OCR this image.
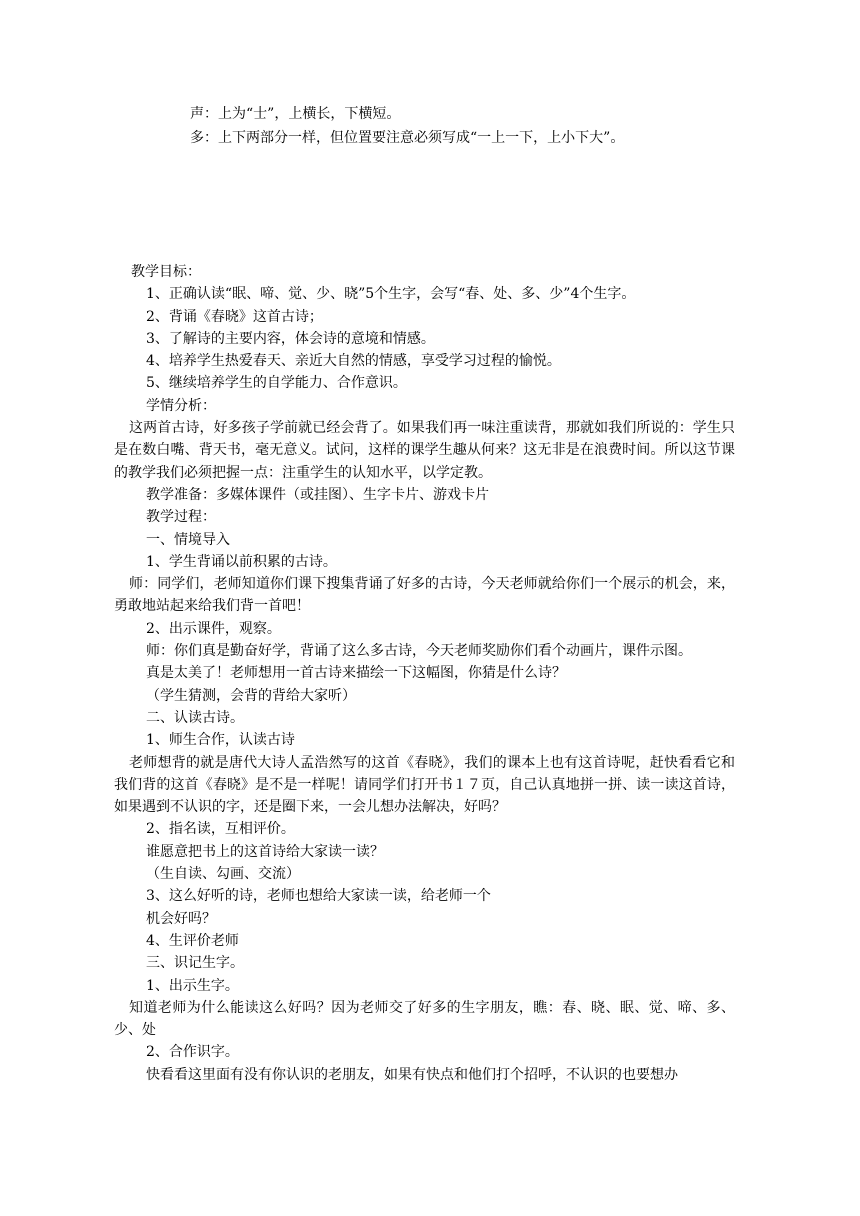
声：上为“士”，上横长，下横短。
多：上下两部分一样，但位置要注意必须写成“一上一下，上小下大”。

教学目标：

1、正确认读“眠、啼、觉、少、晓”5个生字，会写“春、处、多、少”4个生字。

2、背诵《春晓》这首古诗；

3、了解诗的主要内容，体会诗的意境和情感。

4、培养学生热爱春天、亲近大自然的情感，享受学习过程的愉悦。

5、继续培养学生的自学能力、合作意识。

学情分析：

这两首古诗，好多孩子学前就已经会背了。如果我们再一味注重读背，那就如我们所说的：学生只是在数白嘴、背天书，毫无意义。试问，这样的课学生趣从何来？这无非是在浪费时间。所以这节课的教学我们必须把握一点：注重学生的认知水平，以学定教。

教学准备：多媒体课件（或挂图）、生字卡片、游戏卡片

教学过程：

一、情境导入

1、学生背诵以前积累的古诗。

师：同学们，老师知道你们课下搜集背诵了好多的古诗，今天老师就给你们一个展示的机会，来，勇敢地站起来给我们背一首吧！

2、出示课件，观察。

师：你们真是勤奋好学，背诵了这么多古诗，今天老师奖励你们看个动画片，课件示图。

真是太美了！老师想用一首古诗来描绘一下这幅图，你猜是什么诗？

（学生猜测，会背的背给大家听）

二、认读古诗。

1、师生合作，认读古诗

老师想背的就是唐代大诗人孟浩然写的这首《春晓》，我们的课本上也有这首诗呢，赶快看看它和我们背的这首《春晓》是不是一样呢！请同学们打开书１７页，自己认真地拼一拼、读一读这首诗，如果遇到不认识的字，还是圈下来，一会儿想办法解决，好吗？

2、指名读，互相评价。

谁愿意把书上的这首诗给大家读一读？

（生自读、勾画、交流）

3、这么好听的诗，老师也想给大家读一读，给老师一个

机会好吗？

4、生评价老师

三、识记生字。

1、出示生字。

知道老师为什么能读这么好吗？因为老师交了好多的生字朋友，瞧：春、晓、眠、觉、啼、多、少、处

2、合作识字。

快看看这里面有没有你认识的老朋友，如果有快点和他们打个招呼，不认识的也要想办
